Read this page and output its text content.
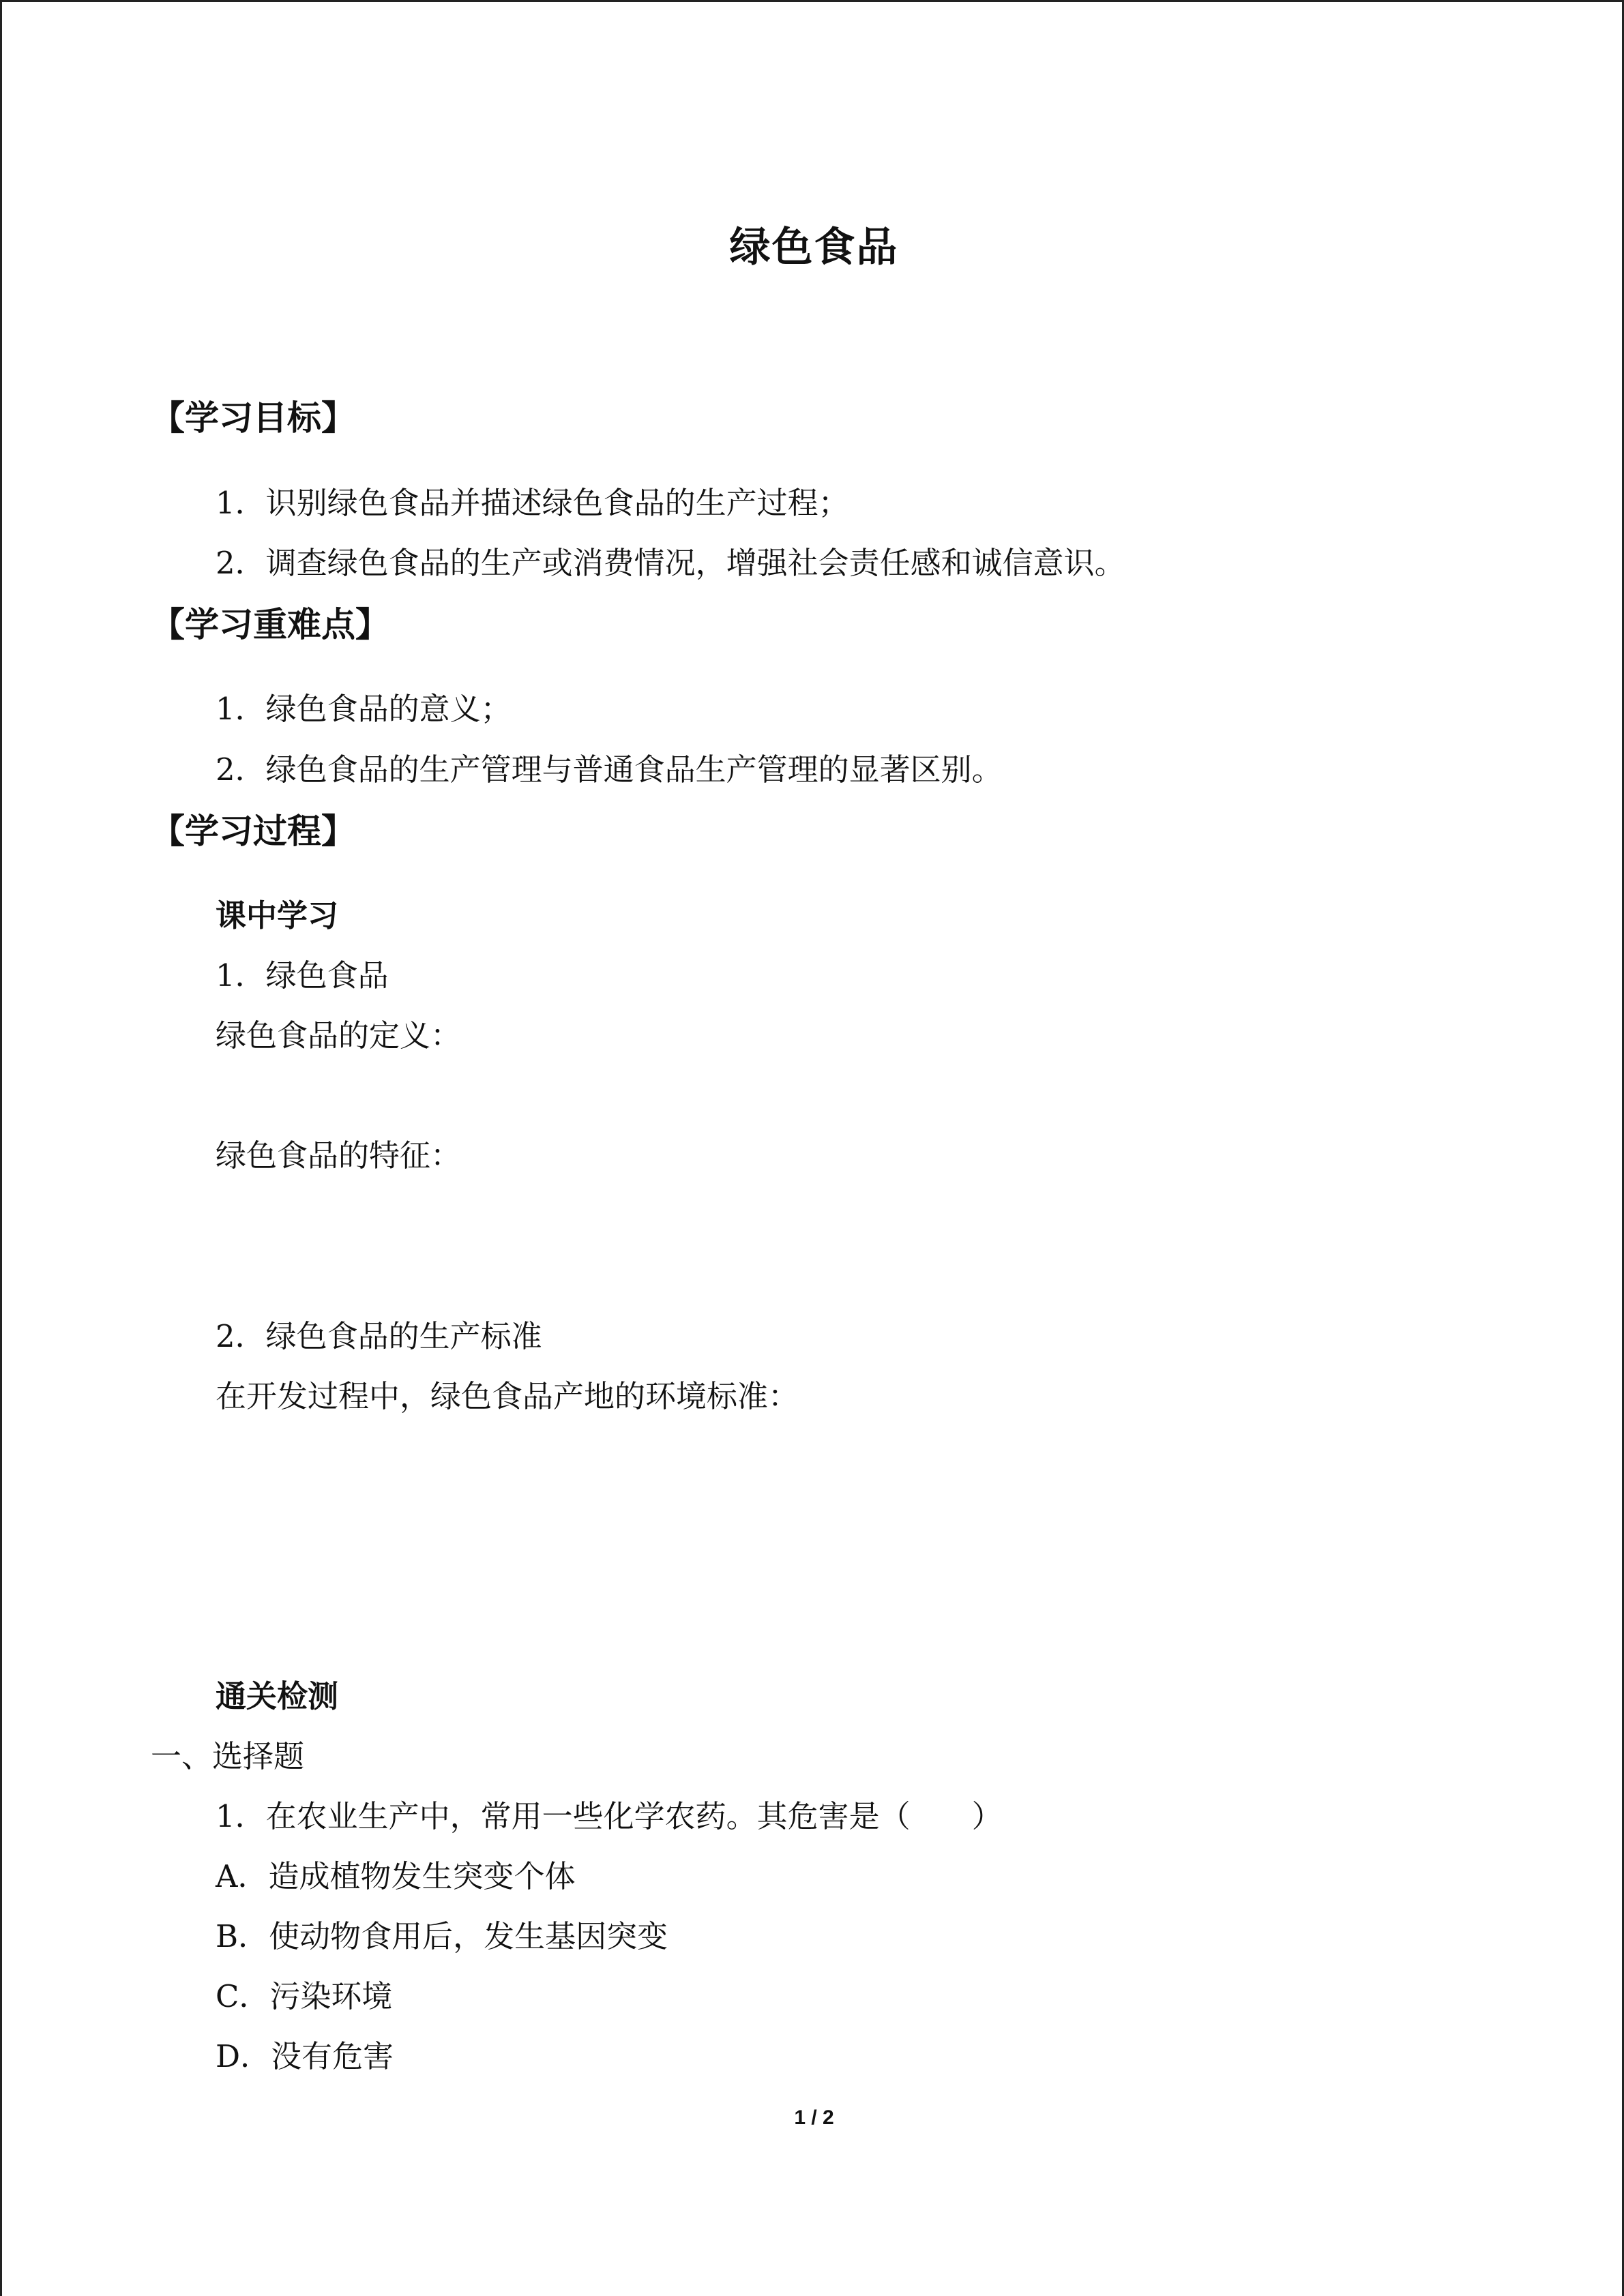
绿色食品
【学习目标】
1．识别绿色食品并描述绿色食品的生产过程；
2．调查绿色食品的生产或消费情况，增强社会责任感和诚信意识。
【学习重难点】
1．绿色食品的意义；
2．绿色食品的生产管理与普通食品生产管理的显著区别。
【学习过程】
课中学习
1．绿色食品
绿色食品的定义：
绿色食品的特征：
2．绿色食品的生产标准
在开发过程中，绿色食品产地的环境标准：
通关检测
一、选择题
1．在农业生产中，常用一些化学农药。其危害是（　　）
A．造成植物发生突变个体
B．使动物食用后，发生基因突变
C．污染环境
D．没有危害
1 / 2
